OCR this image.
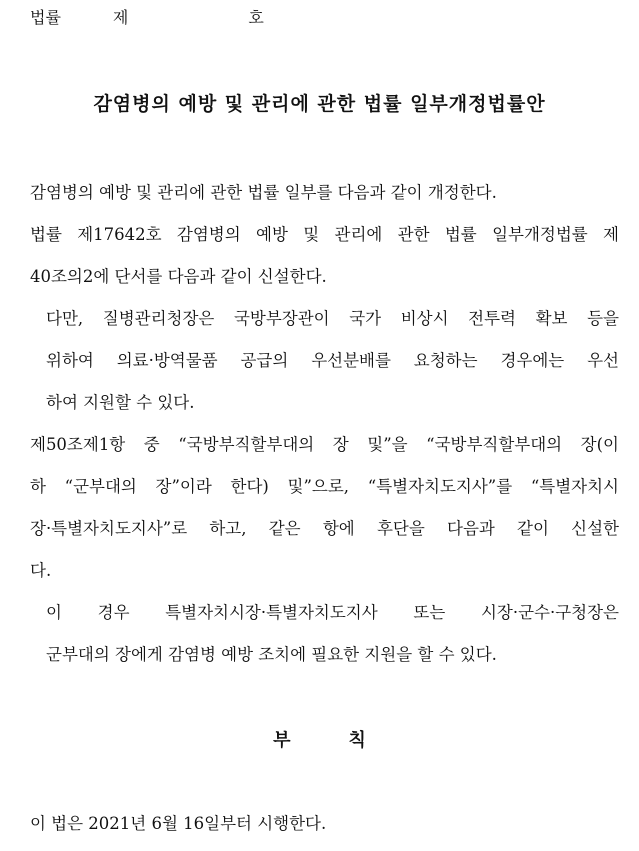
법률	제	호
감염병의 예방 및 관리에 관한 법률 일부개정법률안
감염병의 예방 및 관리에 관한 법률 일부를 다음과 같이 개정한다.
법률 제17642호 감염병의 예방 및 관리에 관한 법률 일부개정법률 제
40조의2에 단서를 다음과 같이 신설한다.
다만, 질병관리청장은 국방부장관이 국가 비상시 전투력 확보 등을
위하여 의료·방역물품 공급의 우선분배를 요청하는 경우에는 우선
하여 지원할 수 있다.
제50조제1항 중 “국방부직할부대의 장 및”을 “국방부직할부대의 장(이
하 “군부대의 장”이라 한다) 및”으로, “특별자치도지사”를 “특별자치시
장·특별자치도지사”로 하고, 같은 항에 후단을 다음과 같이 신설한
다.
이 경우 특별자치시장·특별자치도지사 또는 시장·군수·구청장은
군부대의 장에게 감염병 예방 조치에 필요한 지원을 할 수 있다.
부	칙
이 법은 2021년 6월 16일부터 시행한다.
